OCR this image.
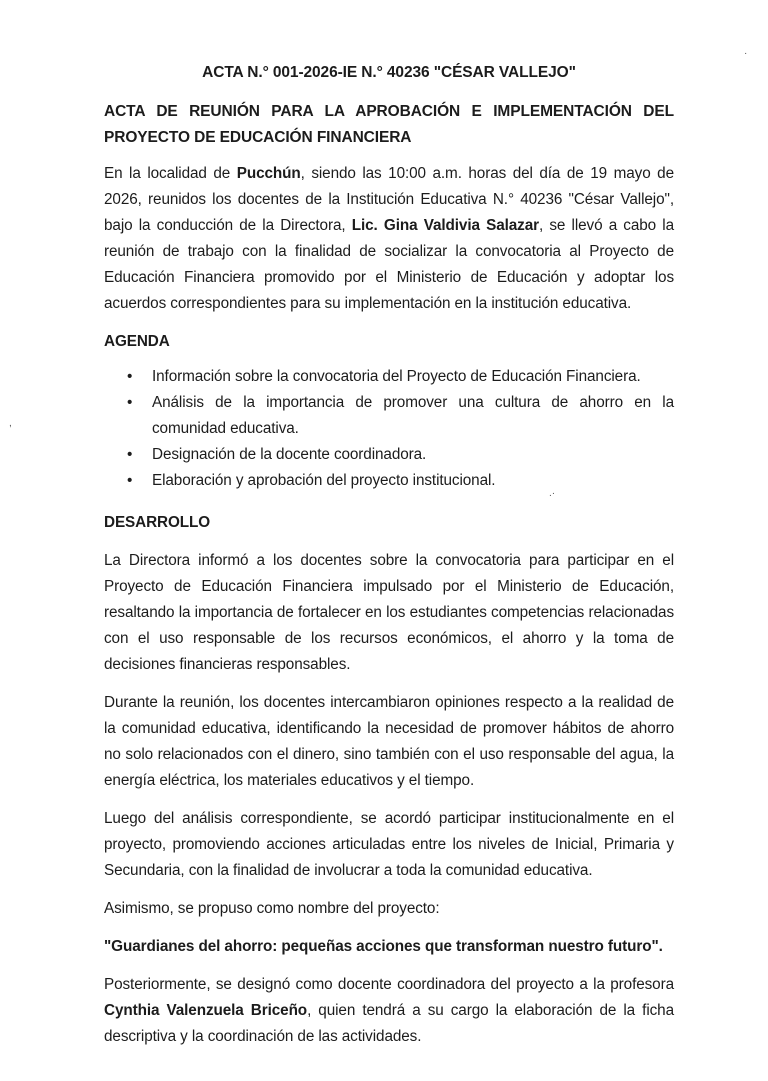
ACTA N.° 001-2026-IE N.° 40236 "CÉSAR VALLEJO"
ACTA DE REUNIÓN PARA LA APROBACIÓN E IMPLEMENTACIÓN DEL PROYECTO DE EDUCACIÓN FINANCIERA

En la localidad de Pucchún, siendo las 10:00 a.m. horas del día de 19 mayo de 2026, reunidos los docentes de la Institución Educativa N.° 40236 "César Vallejo", bajo la conducción de la Directora, Lic. Gina Valdivia Salazar, se llevó a cabo la reunión de trabajo con la finalidad de socializar la convocatoria al Proyecto de Educación Financiera promovido por el Ministerio de Educación y adoptar los acuerdos correspondientes para su implementación en la institución educativa.

AGENDA
• Información sobre la convocatoria del Proyecto de Educación Financiera.
• Análisis de la importancia de promover una cultura de ahorro en la comunidad educativa.
• Designación de la docente coordinadora.
• Elaboración y aprobación del proyecto institucional.
DESARROLLO

La Directora informó a los docentes sobre la convocatoria para participar en el Proyecto de Educación Financiera impulsado por el Ministerio de Educación, resaltando la importancia de fortalecer en los estudiantes competencias relacionadas con el uso responsable de los recursos económicos, el ahorro y la toma de decisiones financieras responsables.

Durante la reunión, los docentes intercambiaron opiniones respecto a la realidad de la comunidad educativa, identificando la necesidad de promover hábitos de ahorro no solo relacionados con el dinero, sino también con el uso responsable del agua, la energía eléctrica, los materiales educativos y el tiempo.

Luego del análisis correspondiente, se acordó participar institucionalmente en el proyecto, promoviendo acciones articuladas entre los niveles de Inicial, Primaria y Secundaria, con la finalidad de involucrar a toda la comunidad educativa.

Asimismo, se propuso como nombre del proyecto:

"Guardianes del ahorro: pequeñas acciones que transforman nuestro futuro".

Posteriormente, se designó como docente coordinadora del proyecto a la profesora Cynthia Valenzuela Briceño, quien tendrá a su cargo la elaboración de la ficha descriptiva y la coordinación de las actividades.

,
.·
·
